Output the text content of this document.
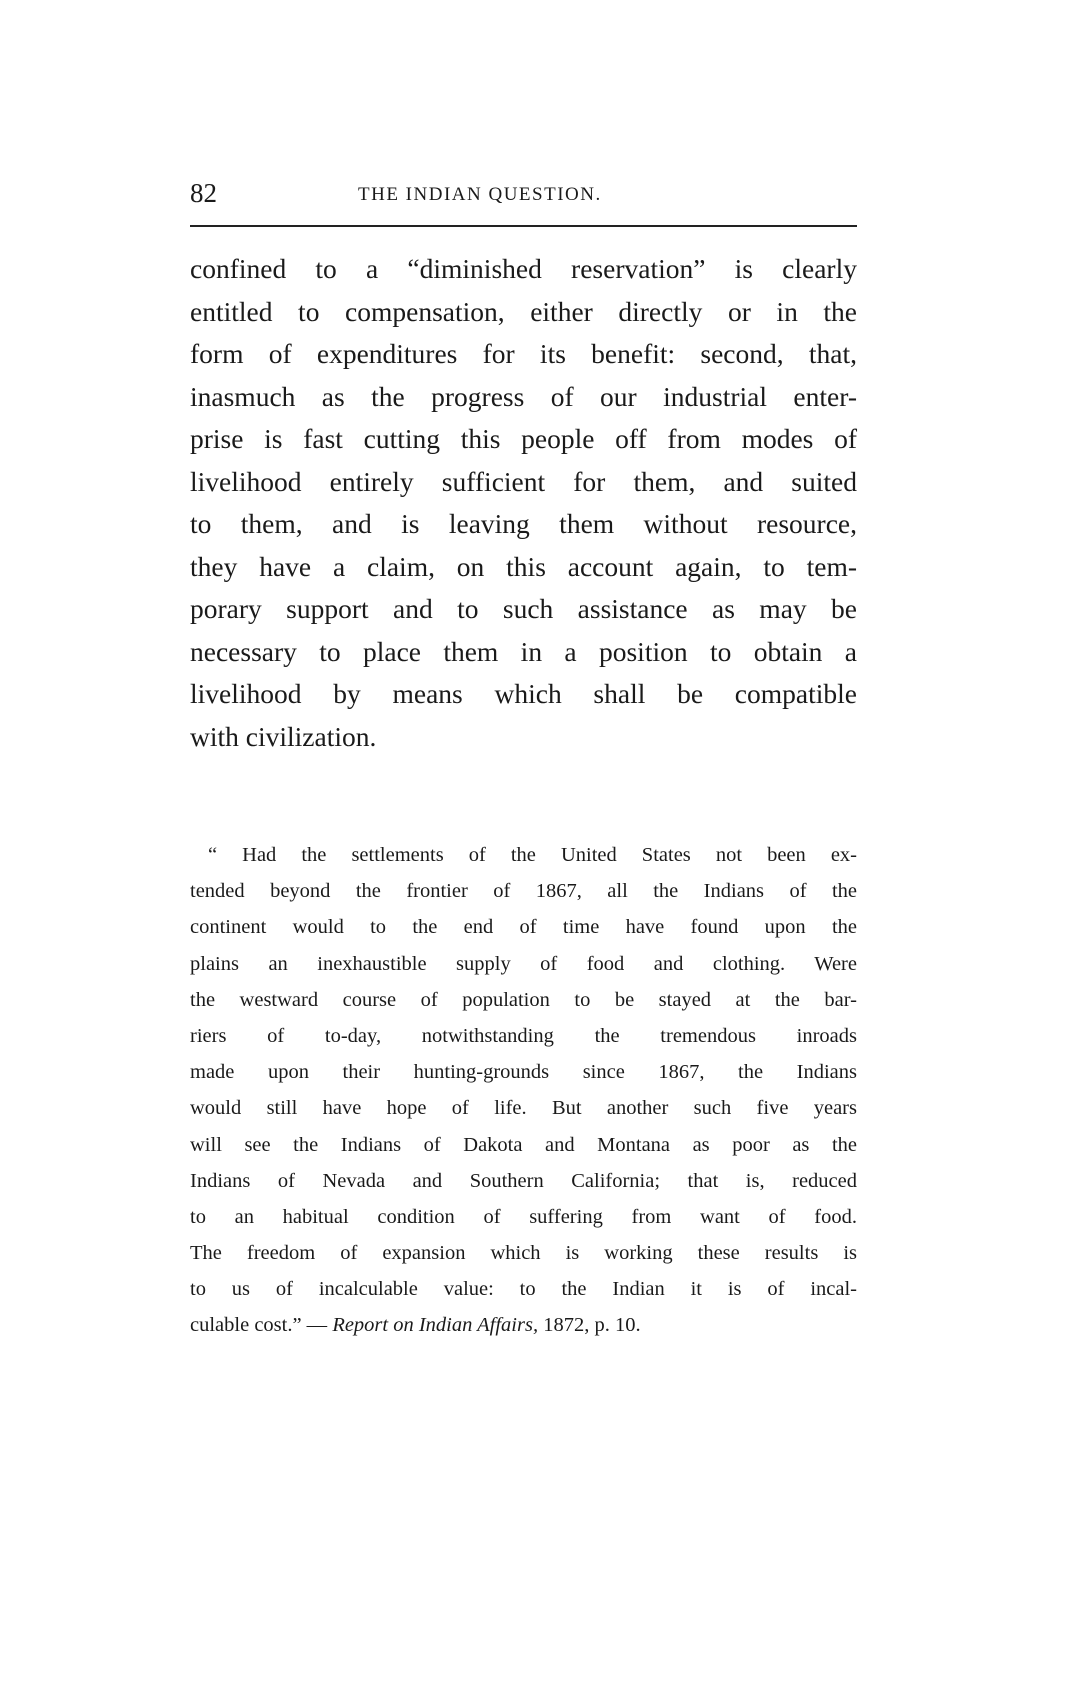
82	THE INDIAN QUESTION.
confined to a “diminished reservation” is clearly
entitled to compensation, either directly or in the
form of expenditures for its benefit: second, that,
inasmuch as the progress of our industrial enter-
prise is fast cutting this people off from modes of
livelihood entirely sufficient for them, and suited
to them, and is leaving them without resource,
they have a claim, on this account again, to tem-
porary support and to such assistance as may be
necessary to place them in a position to obtain a
livelihood by means which shall be compatible
with civilization.
“ Had the settlements of the United States not been ex-
tended beyond the frontier of 1867, all the Indians of the
continent would to the end of time have found upon the
plains an inexhaustible supply of food and clothing. Were
the westward course of population to be stayed at the bar-
riers of to-day, notwithstanding the tremendous inroads
made upon their hunting-grounds since 1867, the Indians
would still have hope of life. But another such five years
will see the Indians of Dakota and Montana as poor as the
Indians of Nevada and Southern California; that is, reduced
to an habitual condition of suffering from want of food.
The freedom of expansion which is working these results is
to us of incalculable value: to the Indian it is of incal-
culable cost.” — Report on Indian Affairs, 1872, p. 10.
